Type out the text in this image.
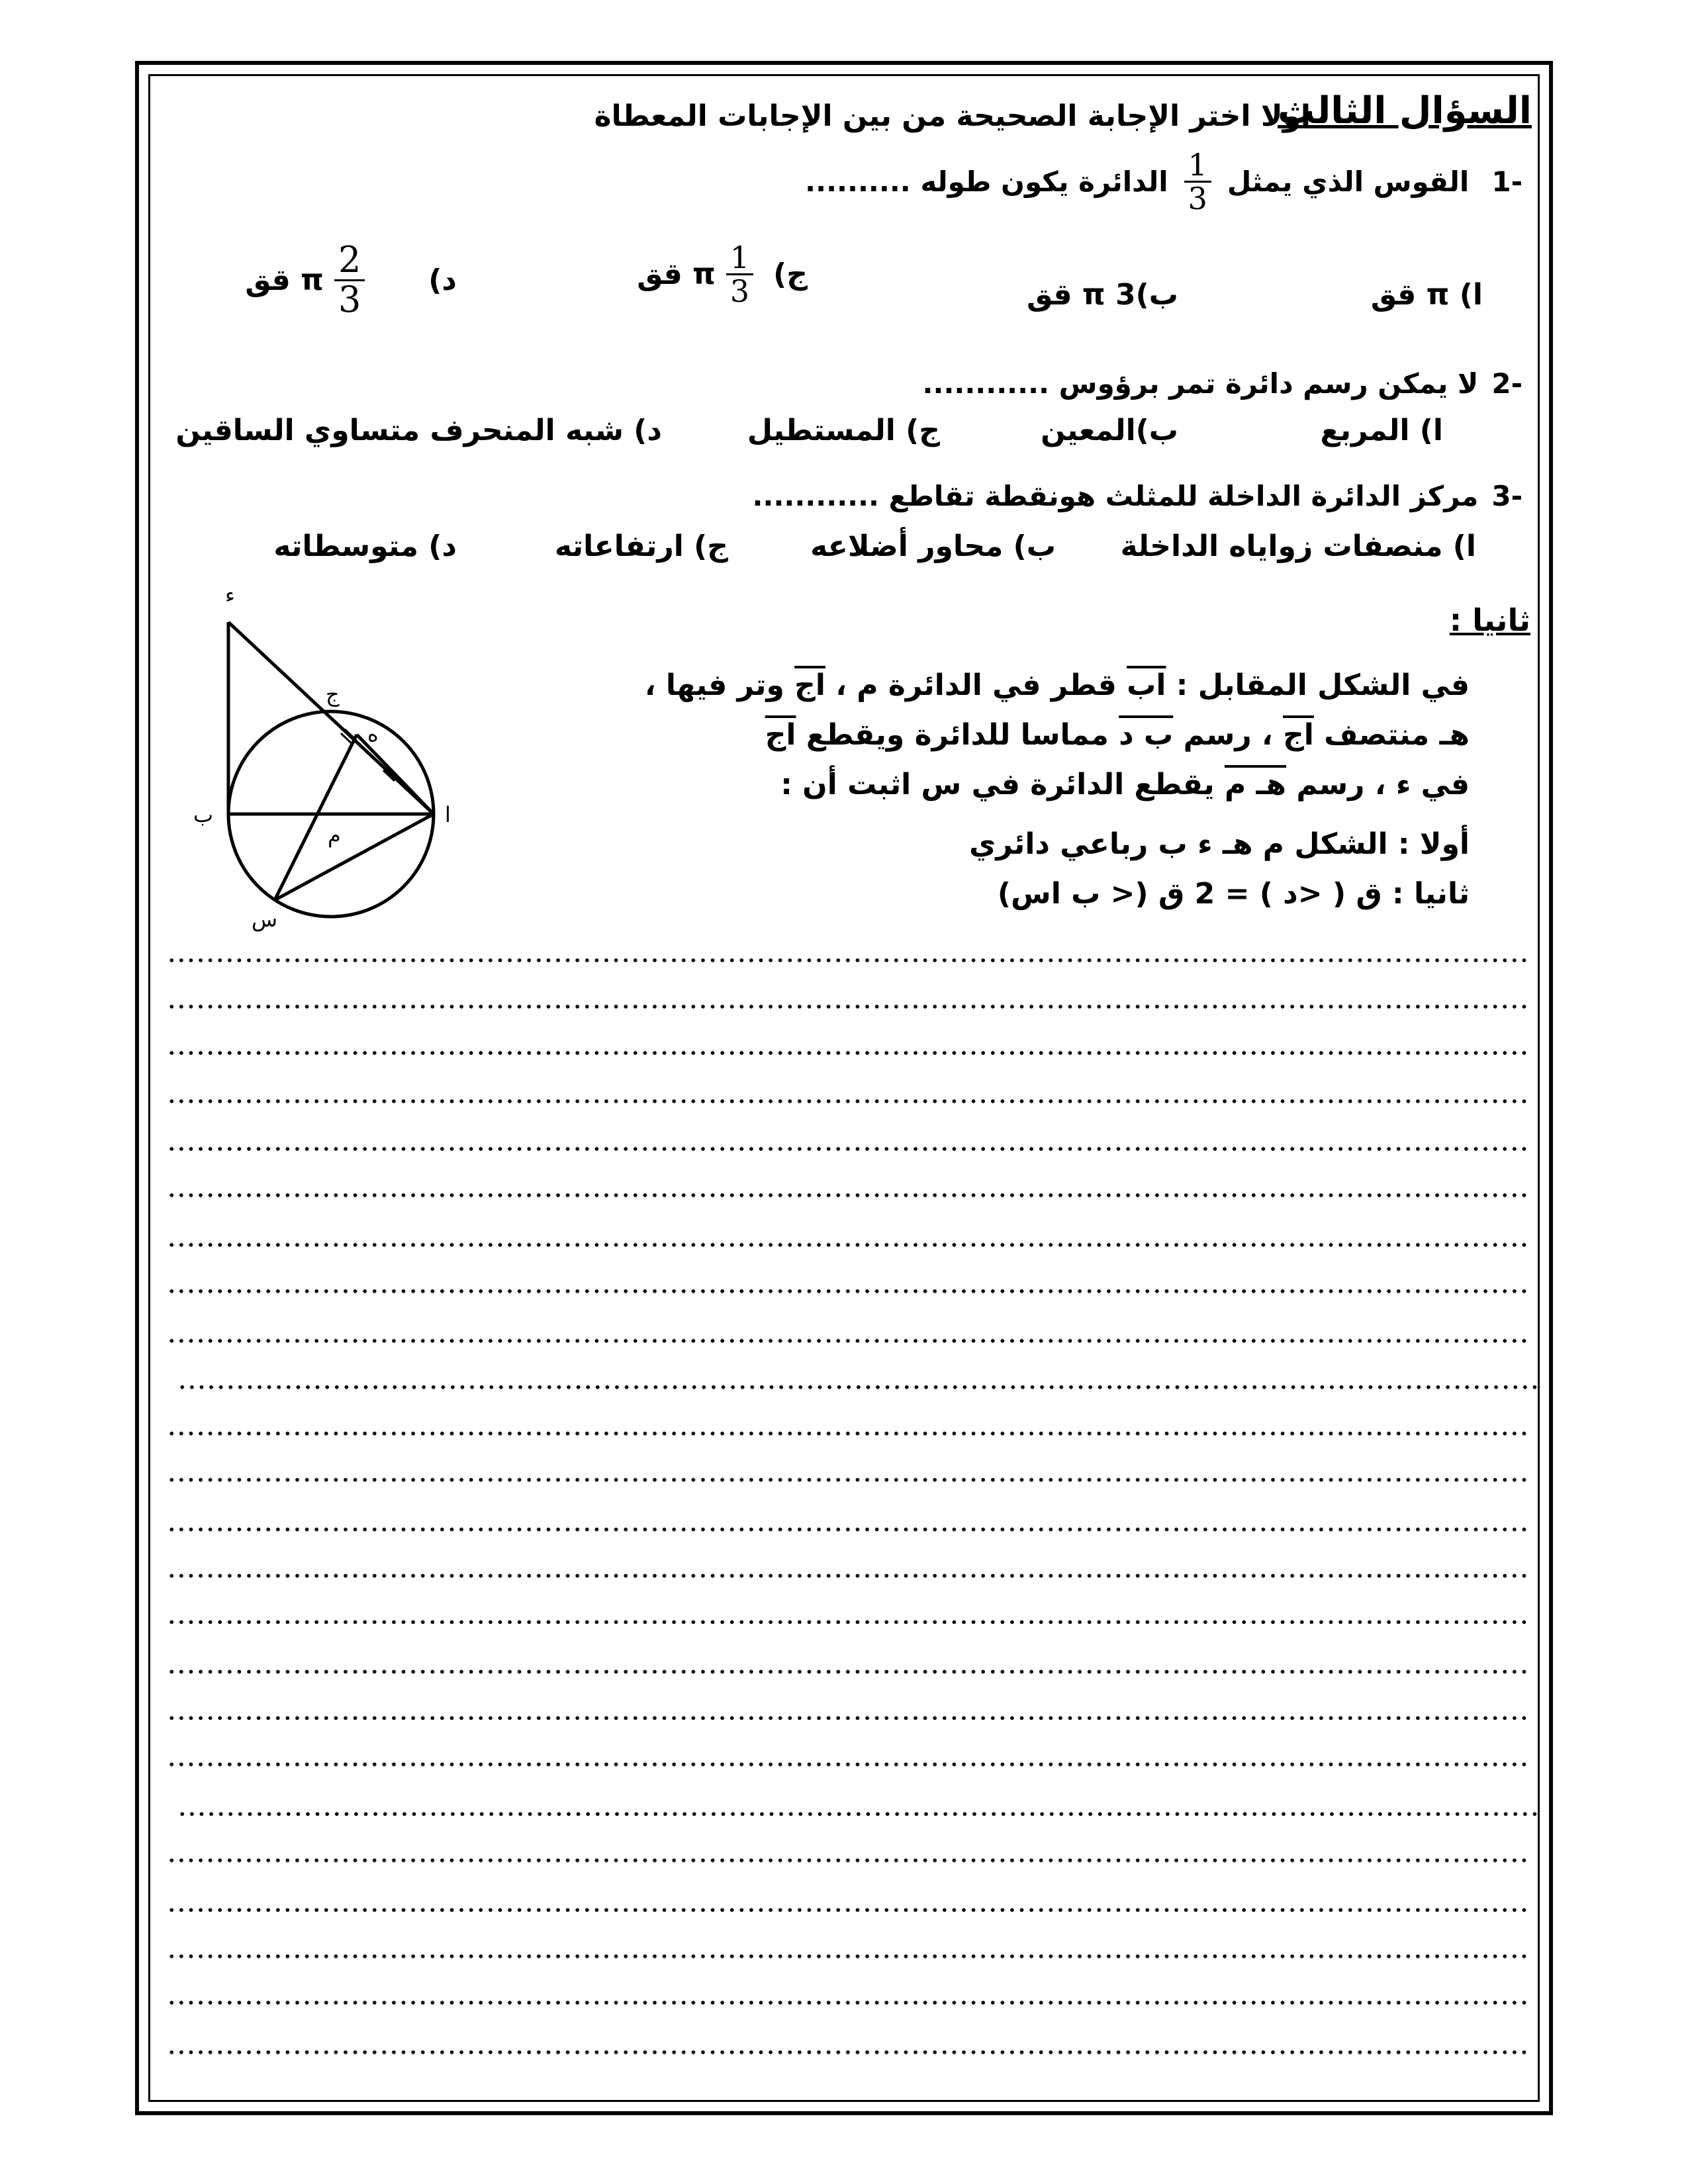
السؤال الثالث
اولا اختر الإجابة الصحيحة من بين الإجابات المعطاة
-1
القوس الذي يمثل
$\frac{1}{3}$
الدائرة يكون طوله ..........
ا) π قق
ب)3 π قق
ج)
$\frac{1}{3}$
π قق
د)
$\frac{2}{3}$
π قق
-2
لا يمكن رسم دائرة تمر برؤوس ............
ا) المربع
ب)المعين
ج) المستطيل
د) شبه المنحرف متساوي الساقين
-3
مركز الدائرة الداخلة للمثلث هونقطة تقاطع ............
ا) منصفات زواياه الداخلة
ب) محاور أضلاعه
ج) ارتفاعاته
د) متوسطاته
ثانيا :
في الشكل المقابل : اب قطر في الدائرة م ، اج وتر فيها ،
هـ منتصف اج ، رسم ب د مماسا للدائرة ويقطع اج
في ء ، رسم هـ م يقطع الدائرة في س اثبت أن :
أولا : الشكل م هـ ء ب رباعي دائري
ثانيا : ق ( <د ) = 2 ق (< ب اس)
ء
ج
ه
ب	ا
م
س
